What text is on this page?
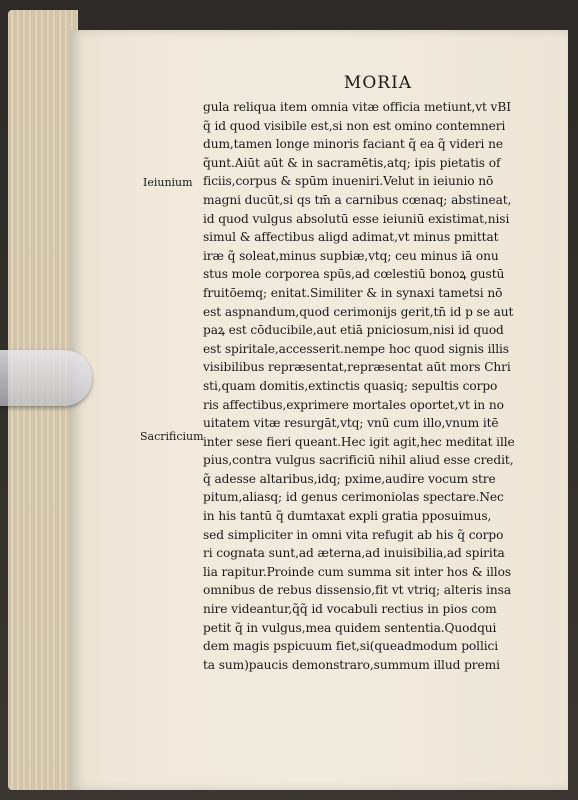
MORIA
Ieiunium
Sacrificium
gula reliqua item omnia vitæ officia metiunt,vt vBI
q̃ id quod visibile est,si non est omino contemneri
dum,tamen longe minoris faciant q̃ ea q̃ videri ne
q̃unt.Aiūt aūt & in sacramētis,atq; ipis pietatis of
ficiis,corpus & spūm inueniri.Velut in ieiunio nō
magni ducūt,si qs tm̄ a carnibus cœnaq; abstineat,
id quod vulgus absolutū esse ieiuniū existimat,nisi
simul & affectibus aligd adimat,vt minus pmittat
iræ q̃ soleat,minus supbiæ,vtq; ceu minus iā onu
stus mole corporea spūs,ad cœlestiū bonoꝝ gustū
fruitōemq; enitat.Similiter & in synaxi tametsi nō
est aspnandum,quod cerimonijs gerit,tn̄ id p se aut
paꝝ est cōducibile,aut etiā pniciosum,nisi id quod
est spiritale,accesserit.nempe hoc quod signis illis
visibilibus repræsentat,repræsentat aūt mors Chri
sti,quam domitis,extinctis quasiq; sepultis corpo
ris affectibus,exprimere mortales oportet,vt in no
uitatem vitæ resurgāt,vtq; vnū cum illo,vnum itē
inter sese fieri queant.Hec igit agit,hec meditat ille
pius,contra vulgus sacrificiū nihil aliud esse credit,
q̃ adesse altaribus,idq; pxime,audire vocum stre
pitum,aliasq; id genus cerimoniolas spectare.Nec
in his tantū q̃ dumtaxat expli gratia pposuimus,
sed simpliciter in omni vita refugit ab his q̃ corpo
ri cognata sunt,ad æterna,ad inuisibilia,ad spirita
lia rapitur.Proinde cum summa sit inter hos & illos
omnibus de rebus dissensio,fit vt vtriq; alteris insa
nire videantur,q̃q̃ id vocabuli rectius in pios com
petit q̃ in vulgus,mea quidem sententia.Quodqui
dem magis pspicuum fiet,si(queadmodum pollici
ta sum)paucis demonstraro,summum illud premi
